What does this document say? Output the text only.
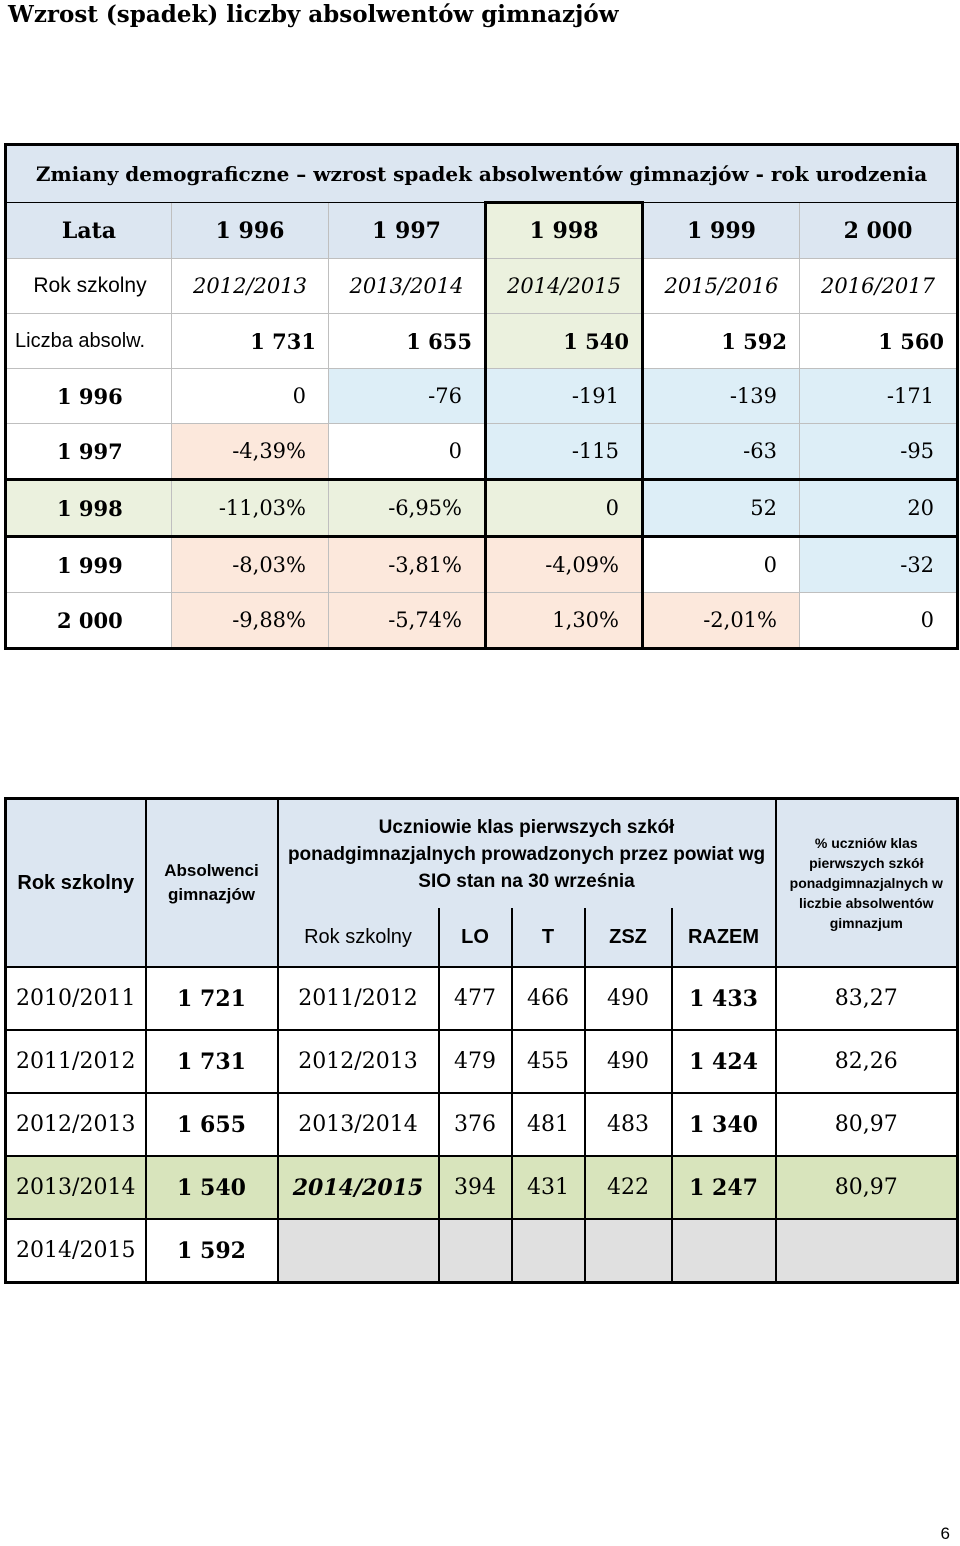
Wzrost (spadek) liczby absolwentów gimnazjów
Zmiany demograficzne – wzrost spadek absolwentów gimnazjów - rok urodzenia					
Lata	1 996	1 997	1 998	1 999	2 000
Rok szkolny	2012/2013	2013/2014	2014/2015	2015/2016	2016/2017
Liczba absolw.	1 731	1 655	1 540	1 592	1 560
1 996	0	-76	-191	-139	-171
1 997	-4,39%	0	-115	-63	-95
1 998	-11,03%	-6,95%	0	52	20
1 999	-8,03%	-3,81%	-4,09%	0	-32
2 000	-9,88%	-5,74%	1,30%	-2,01%	0
Rok szkolny	Absolwenci gimnazjów	Uczniowie klas pierwszych szkół ponadgimnazjalnych prowadzonych przez powiat wg SIO stan na 30 września					% uczniów klas pierwszych szkół ponadgimnazjalnych w liczbie absolwentów gimnazjum
		Rok szkolny	LO	T	ZSZ	RAZEM	
2010/2011	1 721	2011/2012	477	466	490	1 433	83,27
2011/2012	1 731	2012/2013	479	455	490	1 424	82,26
2012/2013	1 655	2013/2014	376	481	483	1 340	80,97
2013/2014	1 540	2014/2015	394	431	422	1 247	80,97
2014/2015	1 592						
6
